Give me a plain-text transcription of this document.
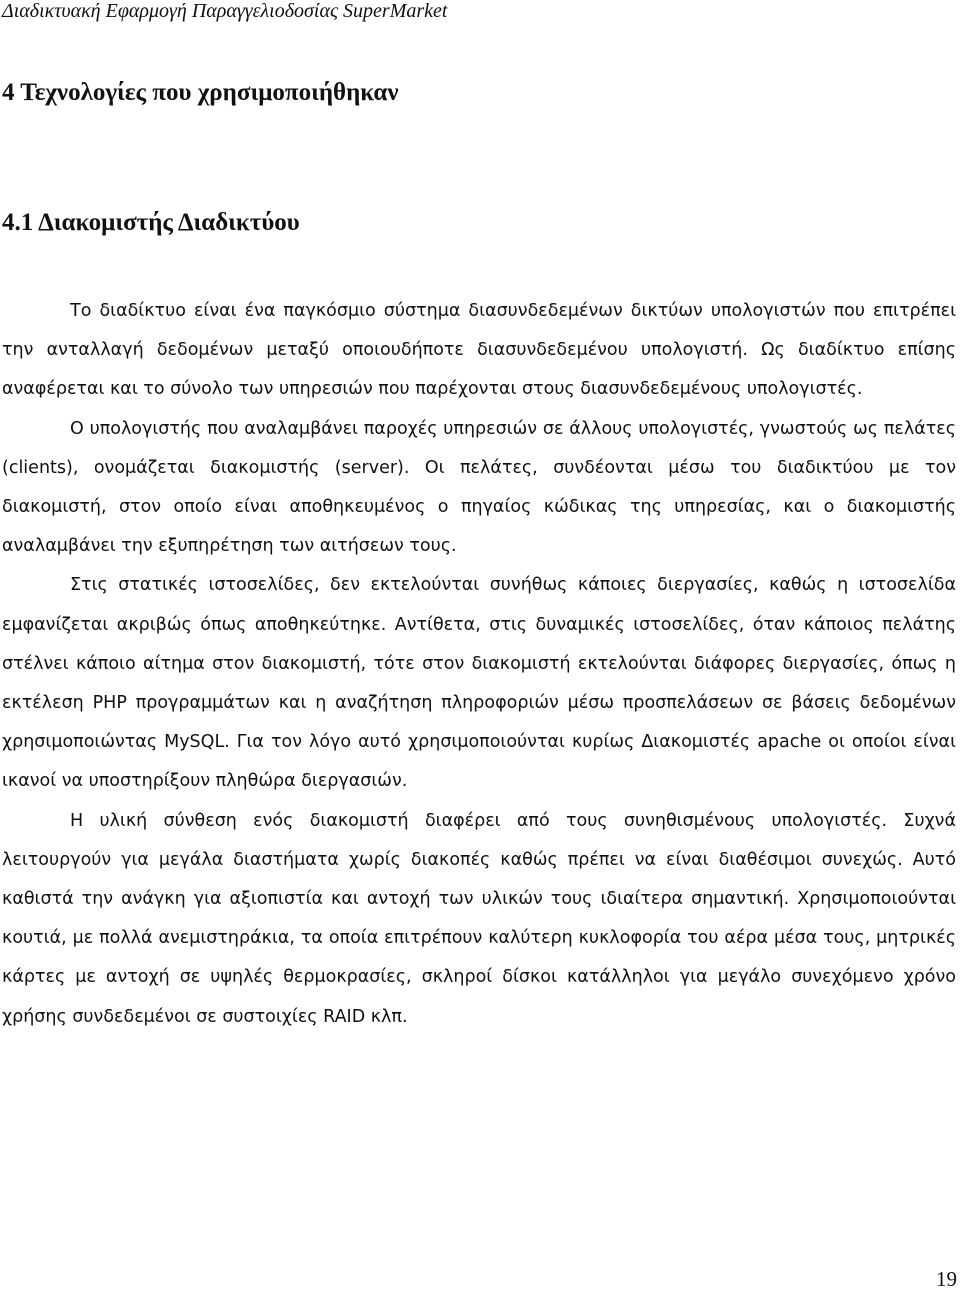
Διαδικτυακή Εφαρμογή Παραγγελιοδοσίας SuperMarket
4 Τεχνολογίες που χρησιμοποιήθηκαν
4.1 Διακομιστής Διαδικτύου

Το διαδίκτυο είναι ένα παγκόσμιο σύστημα διασυνδεδεμένων δικτύων υπολογιστών που επιτρέπει την ανταλλαγή δεδομένων μεταξύ οποιουδήποτε διασυνδεδεμένου υπολογιστή. Ως διαδίκτυο επίσης αναφέρεται και το σύνολο των υπηρεσιών που παρέχονται στους διασυνδεδεμένους υπολογιστές.

Ο υπολογιστής που αναλαμβάνει παροχές υπηρεσιών σε άλλους υπολογιστές, γνωστούς ως πελάτες (clients), ονομάζεται διακομιστής (server). Οι πελάτες, συνδέονται μέσω του διαδικτύου με τον διακομιστή, στον οποίο είναι αποθηκευμένος ο πηγαίος κώδικας της υπηρεσίας, και ο διακομιστής αναλαμβάνει την εξυπηρέτηση των αιτήσεων τους.

Στις στατικές ιστοσελίδες, δεν εκτελούνται συνήθως κάποιες διεργασίες, καθώς η ιστοσελίδα εμφανίζεται ακριβώς όπως αποθηκεύτηκε. Αντίθετα, στις δυναμικές ιστοσελίδες, όταν κάποιος πελάτης στέλνει κάποιο αίτημα στον διακομιστή, τότε στον διακομιστή εκτελούνται διάφορες διεργασίες, όπως η εκτέλεση PHP προγραμμάτων και η αναζήτηση πληροφοριών μέσω προσπελάσεων σε βάσεις δεδομένων χρησιμοποιώντας MySQL. Για τον λόγο αυτό χρησιμοποιούνται κυρίως Διακομιστές apache οι οποίοι είναι ικανοί να υποστηρίξουν πληθώρα διεργασιών.

Η υλική σύνθεση ενός διακομιστή διαφέρει από τους συνηθισμένους υπολογιστές. Συχνά λειτουργούν για μεγάλα διαστήματα χωρίς διακοπές καθώς πρέπει να είναι διαθέσιμοι συνεχώς. Αυτό καθιστά την ανάγκη για αξιοπιστία και αντοχή των υλικών τους ιδιαίτερα σημαντική. Χρησιμοποιούνται κουτιά, με πολλά ανεμιστηράκια, τα οποία επιτρέπουν καλύτερη κυκλοφορία του αέρα μέσα τους, μητρικές κάρτες με αντοχή σε υψηλές θερμοκρασίες, σκληροί δίσκοι κατάλληλοι για μεγάλο συνεχόμενο χρόνο χρήσης συνδεδεμένοι σε συστοιχίες RAID κλπ.

19
